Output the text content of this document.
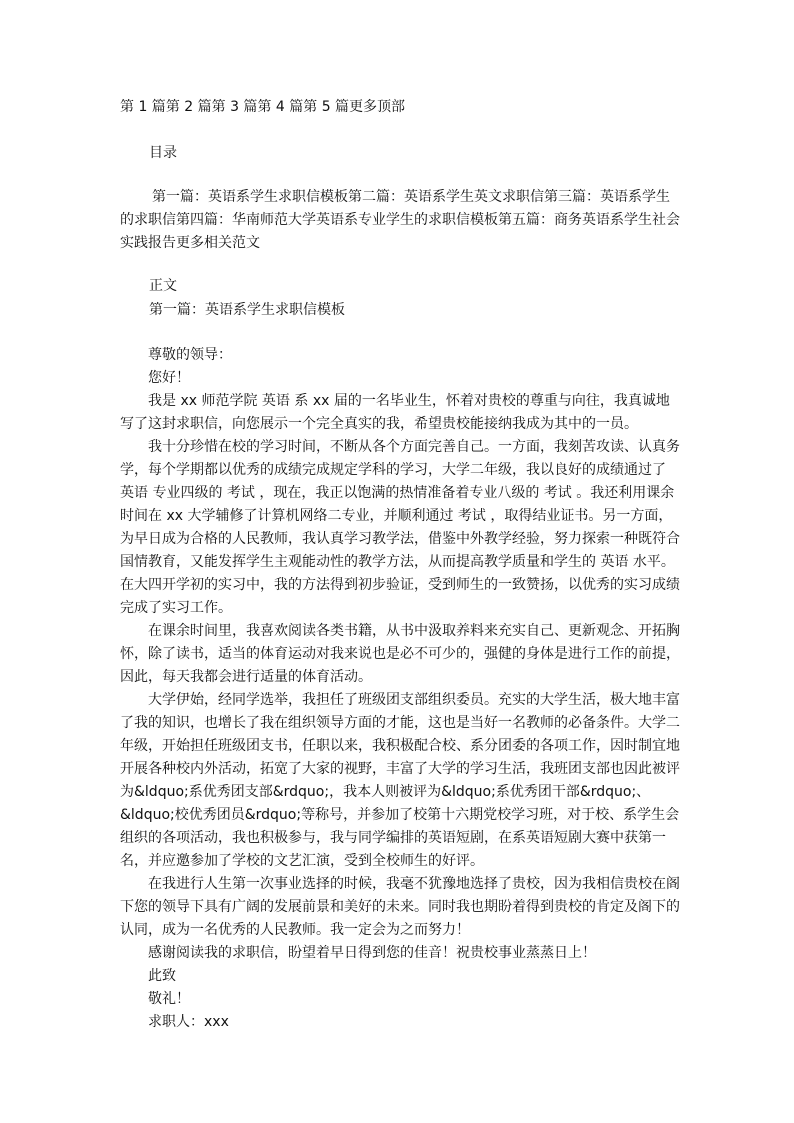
第 1 篇第 2 篇第 3 篇第 4 篇第 5 篇更多顶部
目录
第一篇：英语系学生求职信模板第二篇：英语系学生英文求职信第三篇：英语系学生的求职信第四篇：华南师范大学英语系专业学生的求职信模板第五篇：商务英语系学生社会实践报告更多相关范文
正文
第一篇：英语系学生求职信模板

尊敬的领导：

您好！

我是 xx 师范学院 英语 系 xx 届的一名毕业生，怀着对贵校的尊重与向往，我真诚地写了这封求职信，向您展示一个完全真实的我，希望贵校能接纳我成为其中的一员。

我十分珍惜在校的学习时间，不断从各个方面完善自己。一方面，我刻苦攻读、认真务学，每个学期都以优秀的成绩完成规定学科的学习，大学二年级，我以良好的成绩通过了 英语 专业四级的 考试 ，现在，我正以饱满的热情准备着专业八级的 考试 。我还利用课余时间在 xx 大学辅修了计算机网络二专业，并顺利通过 考试 ，取得结业证书。另一方面，为早日成为合格的人民教师，我认真学习教学法，借鉴中外教学经验，努力探索一种既符合国情教育，又能发挥学生主观能动性的教学方法，从而提高教学质量和学生的 英语 水平。在大四开学初的实习中，我的方法得到初步验证，受到师生的一致赞扬，以优秀的实习成绩完成了实习工作。

在课余时间里，我喜欢阅读各类书籍，从书中汲取养料来充实自己、更新观念、开拓胸怀，除了读书，适当的体育运动对我来说也是必不可少的，强健的身体是进行工作的前提，因此，每天我都会进行适量的体育活动。

大学伊始，经同学选举，我担任了班级团支部组织委员。充实的大学生活，极大地丰富了我的知识，也增长了我在组织领导方面的才能，这也是当好一名教师的必备条件。大学二年级，开始担任班级团支书，任职以来，我积极配合校、系分团委的各项工作，因时制宜地开展各种校内外活动，拓宽了大家的视野，丰富了大学的学习生活，我班团支部也因此被评为&ldquo;系优秀团支部&rdquo;，我本人则被评为&ldquo;系优秀团干部&rdquo;、&ldquo;校优秀团员&rdquo;等称号，并参加了校第十六期党校学习班，对于校、系学生会组织的各项活动，我也积极参与，我与同学编排的英语短剧，在系英语短剧大赛中获第一名，并应邀参加了学校的文艺汇演，受到全校师生的好评。

在我进行人生第一次事业选择的时候，我毫不犹豫地选择了贵校，因为我相信贵校在阁下您的领导下具有广阔的发展前景和美好的未来。同时我也期盼着得到贵校的肯定及阁下的认同，成为一名优秀的人民教师。我一定会为之而努力！

感谢阅读我的求职信，盼望着早日得到您的佳音！祝贵校事业蒸蒸日上！

此致

敬礼！

求职人：xxx
